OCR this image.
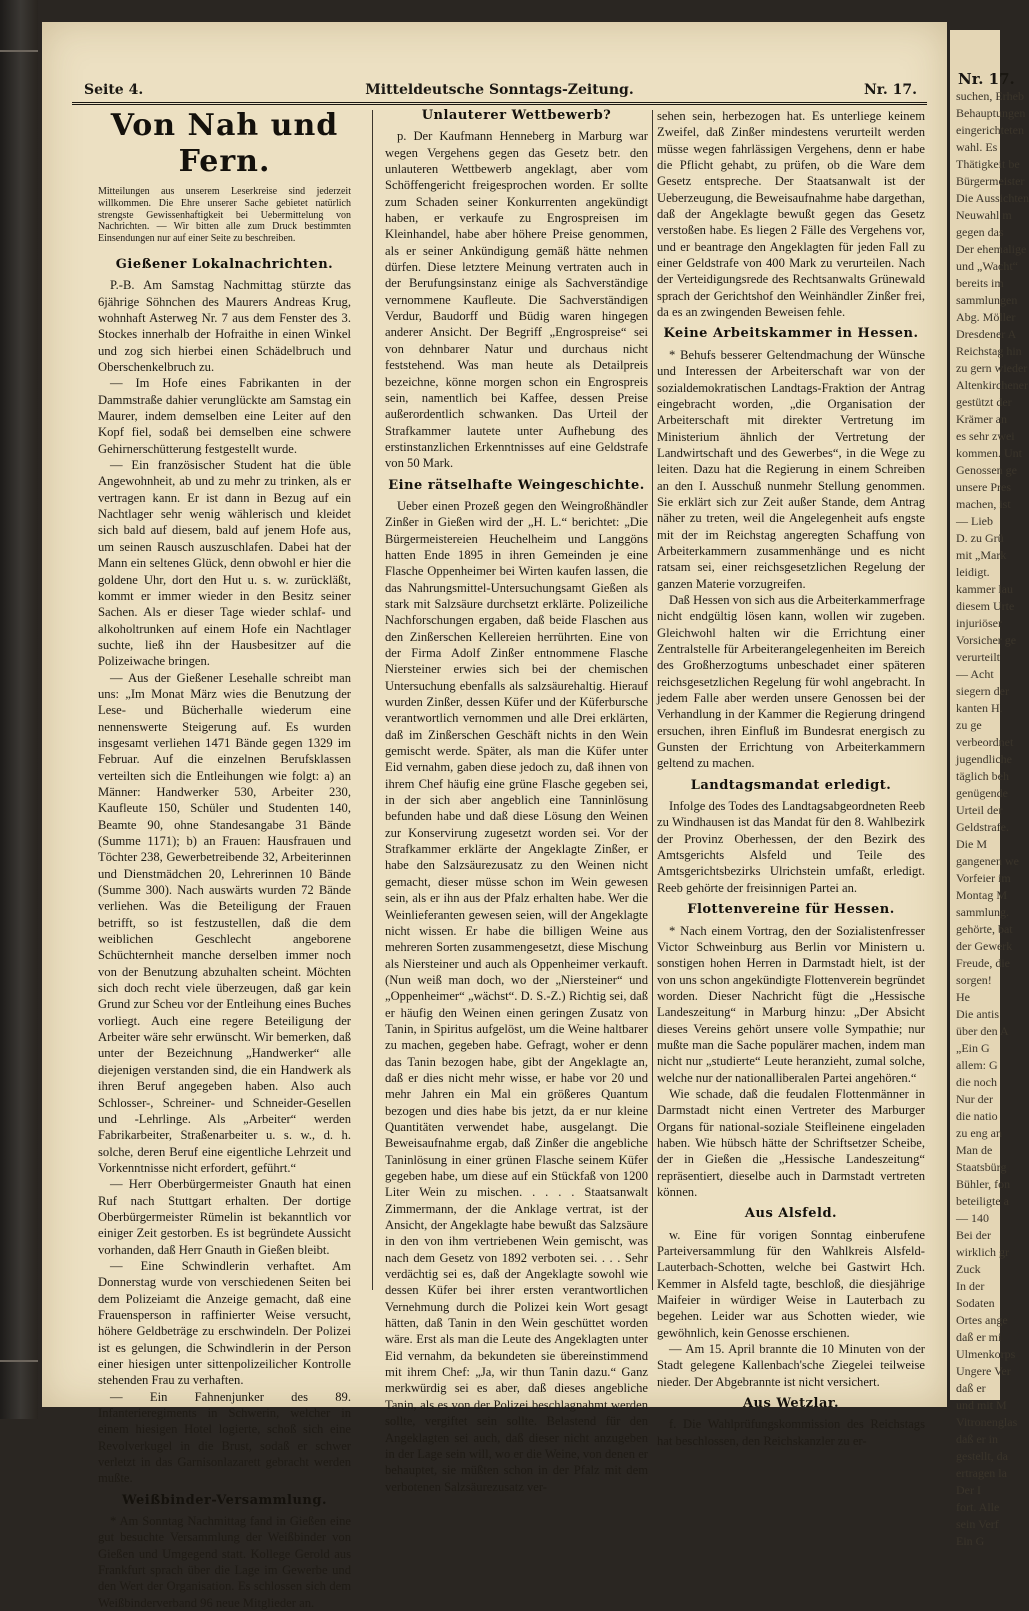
Nr. 17.
suchen, Erheb
Behauptungen
eingerichteten
wahl. Es
Thätigkeit be
Bürgermeister
Die Aussichten
Neuwahl m
gegen das
Der ehemalige
und „Wacht“
bereits im
sammlungen
Abg. Möller
Dresdener A
Reichstag hin
zu gern wieder
Altenkirchener
gestützt der
Krämer an
es sehr zwei
kommen. Unt
Genossen ge
unsere Pres
machen, ist
— Lieb
D. zu Grü
mit „Mark
leidigt.
kammer lau
diesem Urte
injuriöser
Vorsicher ge
verurteilt
— Acht
siegern der
kanten H.
zu ge
verbeordnet
jugendliche
täglich beh
genügende
Urteil der
Geldstrafe.
Die M
gangenen we
Vorfeier im
Montag M
sammlung.
gehörte, bat
der Gewerk
Freude, die
sorgen!
He
Die antis
über den A
„Ein G
allem: G
die noch
Nur der
die natio
zu eng an
Man de
Staatsbürg
Bühler, fon
beteiligte a
— 140
Bei der
wirklich gr
Zuck
In der
Sodaten
Ortes ange
daß er mi
Ulmenkorps
Ungere Ver
daß er
und mit M
Vitronenglas
daß er in
gestellt, da
ertragen la
Der I
fort. Alle
sein Verf
Ein G
Seite 4.	Mitteldeutsche Sonntags-Zeitung.	Nr. 17.
Von Nah und Fern.
Mitteilungen aus unserem Leserkreise sind jederzeit willkommen. Die Ehre unserer Sache gebietet natürlich strengste Gewissenhaftigkeit bei Uebermittelung von Nachrichten. — Wir bitten alle zum Druck bestimmten Einsendungen nur auf einer Seite zu beschreiben.
Gießener Lokalnachrichten.

P.-B. Am Samstag Nachmittag stürzte das 6jährige Söhnchen des Maurers Andreas Krug, wohnhaft Asterweg Nr. 7 aus dem Fenster des 3. Stockes innerhalb der Hofraithe in einen Winkel und zog sich hierbei einen Schädelbruch und Oberschenkelbruch zu.

— Im Hofe eines Fabrikanten in der Dammstraße dahier verunglückte am Samstag ein Maurer, indem demselben eine Leiter auf den Kopf fiel, sodaß bei demselben eine schwere Gehirnerschütterung festgestellt wurde.

— Ein französischer Student hat die üble Angewohnheit, ab und zu mehr zu trinken, als er vertragen kann. Er ist dann in Bezug auf ein Nachtlager sehr wenig wählerisch und kleidet sich bald auf diesem, bald auf jenem Hofe aus, um seinen Rausch auszuschlafen. Dabei hat der Mann ein seltenes Glück, denn obwohl er hier die goldene Uhr, dort den Hut u. s. w. zurückläßt, kommt er immer wieder in den Besitz seiner Sachen. Als er dieser Tage wieder schlaf- und alkoholtrunken auf einem Hofe ein Nachtlager suchte, ließ ihn der Hausbesitzer auf die Polizeiwache bringen.

— Aus der Gießener Lesehalle schreibt man uns: „Im Monat März wies die Benutzung der Lese- und Bücherhalle wiederum eine nennenswerte Steigerung auf. Es wurden insgesamt verliehen 1471 Bände gegen 1329 im Februar. Auf die einzelnen Berufsklassen verteilten sich die Entleihungen wie folgt: a) an Männer: Handwerker 530, Arbeiter 230, Kaufleute 150, Schüler und Studenten 140, Beamte 90, ohne Standesangabe 31 Bände (Summe 1171); b) an Frauen: Hausfrauen und Töchter 238, Gewerbetreibende 32, Arbeiterinnen und Dienstmädchen 20, Lehrerinnen 10 Bände (Summe 300). Nach auswärts wurden 72 Bände verliehen. Was die Beteiligung der Frauen betrifft, so ist festzustellen, daß die dem weiblichen Geschlecht angeborene Schüchternheit manche derselben immer noch von der Benutzung abzuhalten scheint. Möchten sich doch recht viele überzeugen, daß gar kein Grund zur Scheu vor der Entleihung eines Buches vorliegt. Auch eine regere Beteiligung der Arbeiter wäre sehr erwünscht. Wir bemerken, daß unter der Bezeichnung „Handwerker“ alle diejenigen verstanden sind, die ein Handwerk als ihren Beruf angegeben haben. Also auch Schlosser-, Schreiner- und Schneider-Gesellen und -Lehrlinge. Als „Arbeiter“ werden Fabrikarbeiter, Straßenarbeiter u. s. w., d. h. solche, deren Beruf eine eigentliche Lehrzeit und Vorkenntnisse nicht erfordert, geführt.“

— Herr Oberbürgermeister Gnauth hat einen Ruf nach Stuttgart erhalten. Der dortige Oberbürgermeister Rümelin ist bekanntlich vor einiger Zeit gestorben. Es ist begründete Aussicht vorhanden, daß Herr Gnauth in Gießen bleibt.

— Eine Schwindlerin verhaftet. Am Donnerstag wurde von verschiedenen Seiten bei dem Polizeiamt die Anzeige gemacht, daß eine Frauensperson in raffinierter Weise versucht, höhere Geldbeträge zu erschwindeln. Der Polizei ist es gelungen, die Schwindlerin in der Person einer hiesigen unter sittenpolizeilicher Kontrolle stehenden Frau zu verhaften.

— Ein Fahnenjunker des 89. Infanterieregiments in Schwerin, welcher in einem hiesigen Hotel logierte, schoß sich eine Revolverkugel in die Brust, sodaß er schwer verletzt in das Garnisonlazarett gebracht werden mußte.

Weißbinder-Versammlung.

* Am Sonntag Nachmittag fand in Gießen eine gut besuchte Versammlung der Weißbinder von Gießen und Umgegend statt. Kollege Gerold aus Frankfurt sprach über die Lage im Gewerbe und den Wert der Organisation. Es schlossen sich dem Weißbinderverband 96 neue Mitglieder an.

Unlauterer Wettbewerb?

p. Der Kaufmann Henneberg in Marburg war wegen Vergehens gegen das Gesetz betr. den unlauteren Wettbewerb angeklagt, aber vom Schöffengericht freigesprochen worden. Er sollte zum Schaden seiner Konkurrenten angekündigt haben, er verkaufe zu Engrospreisen im Kleinhandel, habe aber höhere Preise genommen, als er seiner Ankündigung gemäß hätte nehmen dürfen. Diese letztere Meinung vertraten auch in der Berufungsinstanz einige als Sachverständige vernommene Kaufleute. Die Sachverständigen Verdur, Baudorff und Büdig waren hingegen anderer Ansicht. Der Begriff „Engrospreise“ sei von dehnbarer Natur und durchaus nicht feststehend. Was man heute als Detailpreis bezeichne, könne morgen schon ein Engrospreis sein, namentlich bei Kaffee, dessen Preise außerordentlich schwanken. Das Urteil der Strafkammer lautete unter Aufhebung des erstinstanzlichen Erkenntnisses auf eine Geldstrafe von 50 Mark.

Eine rätselhafte Weingeschichte.

Ueber einen Prozeß gegen den Weingroßhändler Zinßer in Gießen wird der „H. L.“ berichtet: „Die Bürgermeistereien Heuchelheim und Langgöns hatten Ende 1895 in ihren Gemeinden je eine Flasche Oppenheimer bei Wirten kaufen lassen, die das Nahrungsmittel-Untersuchungsamt Gießen als stark mit Salzsäure durchsetzt erklärte. Polizeiliche Nachforschungen ergaben, daß beide Flaschen aus den Zinßerschen Kellereien herrührten. Eine von der Firma Adolf Zinßer entnommene Flasche Niersteiner erwies sich bei der chemischen Untersuchung ebenfalls als salzsäurehaltig. Hierauf wurden Zinßer, dessen Küfer und der Küferbursche verantwortlich vernommen und alle Drei erklärten, daß im Zinßerschen Geschäft nichts in den Wein gemischt werde. Später, als man die Küfer unter Eid vernahm, gaben diese jedoch zu, daß ihnen von ihrem Chef häufig eine grüne Flasche gegeben sei, in der sich aber angeblich eine Tanninlösung befunden habe und daß diese Lösung den Weinen zur Konservirung zugesetzt worden sei. Vor der Strafkammer erklärte der Angeklagte Zinßer, er habe den Salzsäurezusatz zu den Weinen nicht gemacht, dieser müsse schon im Wein gewesen sein, als er ihn aus der Pfalz erhalten habe. Wer die Weinlieferanten gewesen seien, will der Angeklagte nicht wissen. Er habe die billigen Weine aus mehreren Sorten zusammengesetzt, diese Mischung als Niersteiner und auch als Oppenheimer verkauft. (Nun weiß man doch, wo der „Niersteiner“ und „Oppenheimer“ „wächst“. D. S.-Z.) Richtig sei, daß er häufig den Weinen einen geringen Zusatz von Tanin, in Spiritus aufgelöst, um die Weine haltbarer zu machen, gegeben habe. Gefragt, woher er denn das Tanin bezogen habe, gibt der Angeklagte an, daß er dies nicht mehr wisse, er habe vor 20 und mehr Jahren ein Mal ein größeres Quantum bezogen und dies habe bis jetzt, da er nur kleine Quantitäten verwendet habe, ausgelangt. Die Beweisaufnahme ergab, daß Zinßer die angebliche Taninlösung in einer grünen Flasche seinem Küfer gegeben habe, um diese auf ein Stückfaß von 1200 Liter Wein zu mischen. . . . . Staatsanwalt Zimmermann, der die Anklage vertrat, ist der Ansicht, der Angeklagte habe bewußt das Salzsäure in den von ihm vertriebenen Wein gemischt, was nach dem Gesetz von 1892 verboten sei. . . . Sehr verdächtig sei es, daß der Angeklagte sowohl wie dessen Küfer bei ihrer ersten verantwortlichen Vernehmung durch die Polizei kein Wort gesagt hätten, daß Tanin in den Wein geschüttet worden wäre. Erst als man die Leute des Angeklagten unter Eid vernahm, da bekundeten sie übereinstimmend mit ihrem Chef: „Ja, wir thun Tanin dazu.“ Ganz merkwürdig sei es aber, daß dieses angebliche Tanin, als es von der Polizei beschlagnahmt werden sollte, vergiftet sein sollte. Belastend für den Angeklagten sei auch, daß dieser nicht anzugeben in der Lage sein will, wo er die Weine, von denen er behauptet, sie müßten schon in der Pfalz mit dem verbotenen Salzsäurezusatz ver-

sehen sein, herbezogen hat. Es unterliege keinem Zweifel, daß Zinßer mindestens verurteilt werden müsse wegen fahrlässigen Vergehens, denn er habe die Pflicht gehabt, zu prüfen, ob die Ware dem Gesetz entspreche. Der Staatsanwalt ist der Ueberzeugung, die Beweisaufnahme habe dargethan, daß der Angeklagte bewußt gegen das Gesetz verstoßen habe. Es liegen 2 Fälle des Vergehens vor, und er beantrage den Angeklagten für jeden Fall zu einer Geldstrafe von 400 Mark zu verurteilen. Nach der Verteidigungsrede des Rechtsanwalts Grünewald sprach der Gerichtshof den Weinhändler Zinßer frei, da es an zwingenden Beweisen fehle.

Keine Arbeitskammer in Hessen.

* Behufs besserer Geltendmachung der Wünsche und Interessen der Arbeiterschaft war von der sozialdemokratischen Landtags-Fraktion der Antrag eingebracht worden, „die Organisation der Arbeiterschaft mit direkter Vertretung im Ministerium ähnlich der Vertretung der Landwirtschaft und des Gewerbes“, in die Wege zu leiten. Dazu hat die Regierung in einem Schreiben an den I. Ausschuß nunmehr Stellung genommen. Sie erklärt sich zur Zeit außer Stande, dem Antrag näher zu treten, weil die Angelegenheit aufs engste mit der im Reichstag angeregten Schaffung von Arbeiterkammern zusammenhänge und es nicht ratsam sei, einer reichsgesetzlichen Regelung der ganzen Materie vorzugreifen.

Daß Hessen von sich aus die Arbeiterkammerfrage nicht endgültig lösen kann, wollen wir zugeben. Gleichwohl halten wir die Errichtung einer Zentralstelle für Arbeiterangelegenheiten im Bereich des Großherzogtums unbeschadet einer späteren reichsgesetzlichen Regelung für wohl angebracht. In jedem Falle aber werden unsere Genossen bei der Verhandlung in der Kammer die Regierung dringend ersuchen, ihren Einfluß im Bundesrat energisch zu Gunsten der Errichtung von Arbeiterkammern geltend zu machen.

Landtagsmandat erledigt.

Infolge des Todes des Landtagsabgeordneten Reeb zu Windhausen ist das Mandat für den 8. Wahlbezirk der Provinz Oberhessen, der den Bezirk des Amtsgerichts Alsfeld und Teile des Amtsgerichtsbezirks Ulrichstein umfaßt, erledigt. Reeb gehörte der freisinnigen Partei an.

Flottenvereine für Hessen.

* Nach einem Vortrag, den der Sozialistenfresser Victor Schweinburg aus Berlin vor Ministern u. sonstigen hohen Herren in Darmstadt hielt, ist der von uns schon angekündigte Flottenverein begründet worden. Dieser Nachricht fügt die „Hessische Landeszeitung“ in Marburg hinzu: „Der Absicht dieses Vereins gehört unsere volle Sympathie; nur mußte man die Sache populärer machen, indem man nicht nur „studierte“ Leute heranzieht, zumal solche, welche nur der nationalliberalen Partei angehören.“

Wie schade, daß die feudalen Flottenmänner in Darmstadt nicht einen Vertreter des Marburger Organs für national-soziale Steifleinene eingeladen haben. Wie hübsch hätte der Schriftsetzer Scheibe, der in Gießen die „Hessische Landeszeitung“ repräsentiert, dieselbe auch in Darmstadt vertreten können.

Aus Alsfeld.

w. Eine für vorigen Sonntag einberufene Parteiversammlung für den Wahlkreis Alsfeld-Lauterbach-Schotten, welche bei Gastwirt Hch. Kemmer in Alsfeld tagte, beschloß, die diesjährige Maifeier in würdiger Weise in Lauterbach zu begehen. Leider war aus Schotten wieder, wie gewöhnlich, kein Genosse erschienen.

— Am 15. April brannte die 10 Minuten von der Stadt gelegene Kallenbach'sche Ziegelei teilweise nieder. Der Abgebrannte ist nicht versichert.

Aus Wetzlar.

f. Die Wahlprüfungskommission des Reichstags hat beschlossen, den Reichskanzler zu er-
